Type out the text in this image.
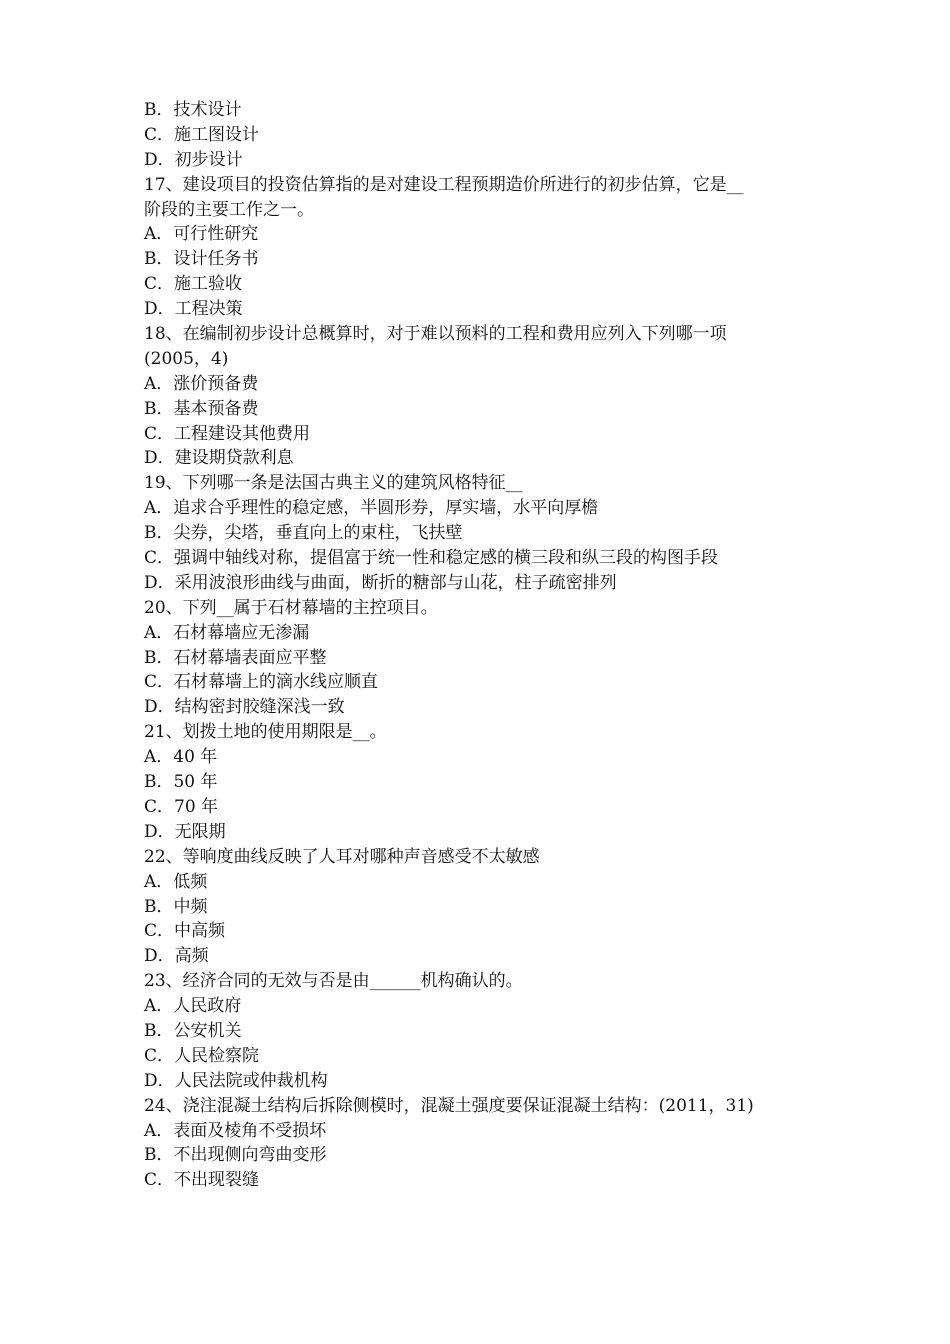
B．技术设计
C．施工图设计
D．初步设计
17、建设项目的投资估算指的是对建设工程预期造价所进行的初步估算，它是__
阶段的主要工作之一。
A．可行性研究
B．设计任务书
C．施工验收
D．工程决策
18、在编制初步设计总概算时，对于难以预料的工程和费用应列入下列哪一项
(2005，4)
A．涨价预备费
B．基本预备费
C．工程建设其他费用
D．建设期贷款利息
19、下列哪一条是法国古典主义的建筑风格特征__
A．追求合乎理性的稳定感，半圆形券，厚实墙，水平向厚檐
B．尖券，尖塔，垂直向上的束柱，飞扶壁
C．强调中轴线对称，提倡富于统一性和稳定感的横三段和纵三段的构图手段
D．采用波浪形曲线与曲面，断折的糖部与山花，柱子疏密排列
20、下列__属于石材幕墙的主控项目。
A．石材幕墙应无渗漏
B．石材幕墙表面应平整
C．石材幕墙上的滴水线应顺直
D．结构密封胶缝深浅一致
21、划拨土地的使用期限是__。
A．40 年
B．50 年
C．70 年
D．无限期
22、等响度曲线反映了人耳对哪种声音感受不太敏感
A．低频
B．中频
C．中高频
D．高频
23、经济合同的无效与否是由______机构确认的。
A．人民政府
B．公安机关
C．人民检察院
D．人民法院或仲裁机构
24、浇注混凝土结构后拆除侧模时，混凝土强度要保证混凝土结构：(2011，31)
A．表面及棱角不受损坏
B．不出现侧向弯曲变形
C．不出现裂缝
